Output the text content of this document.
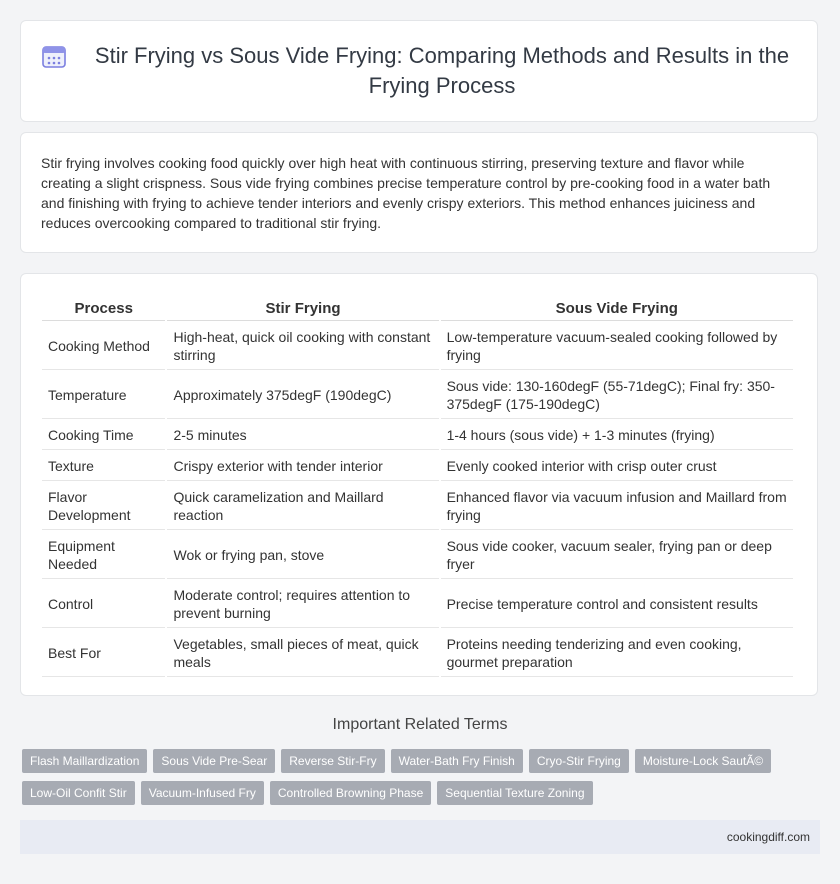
Stir Frying vs Sous Vide Frying: Comparing Methods and Results in the Frying Process

Stir frying involves cooking food quickly over high heat with continuous stirring, preserving texture and flavor while creating a slight crispness. Sous vide frying combines precise temperature control by pre-cooking food in a water bath and finishing with frying to achieve tender interiors and evenly crispy exteriors. This method enhances juiciness and reduces overcooking compared to traditional stir frying.

Process	Stir Frying	Sous Vide Frying
Cooking Method	High-heat, quick oil cooking with constant stirring	Low-temperature vacuum-sealed cooking followed by frying
Temperature	Approximately 375degF (190degC)	Sous vide: 130-160degF (55-71degC); Final fry: 350-375degF (175-190degC)
Cooking Time	2-5 minutes	1-4 hours (sous vide) + 1-3 minutes (frying)
Texture	Crispy exterior with tender interior	Evenly cooked interior with crisp outer crust
Flavor Development	Quick caramelization and Maillard reaction	Enhanced flavor via vacuum infusion and Maillard from frying
Equipment Needed	Wok or frying pan, stove	Sous vide cooker, vacuum sealer, frying pan or deep fryer
Control	Moderate control; requires attention to prevent burning	Precise temperature control and consistent results
Best For	Vegetables, small pieces of meat, quick meals	Proteins needing tenderizing and even cooking, gourmet preparation
Important Related Terms
Flash Maillardization	Sous Vide Pre-Sear	Reverse Stir-Fry	Water-Bath Fry Finish	Cryo-Stir Frying	Moisture-Lock SautÃ©
Low-Oil Confit Stir	Vacuum-Infused Fry	Controlled Browning Phase	Sequential Texture Zoning
cookingdiff.com
